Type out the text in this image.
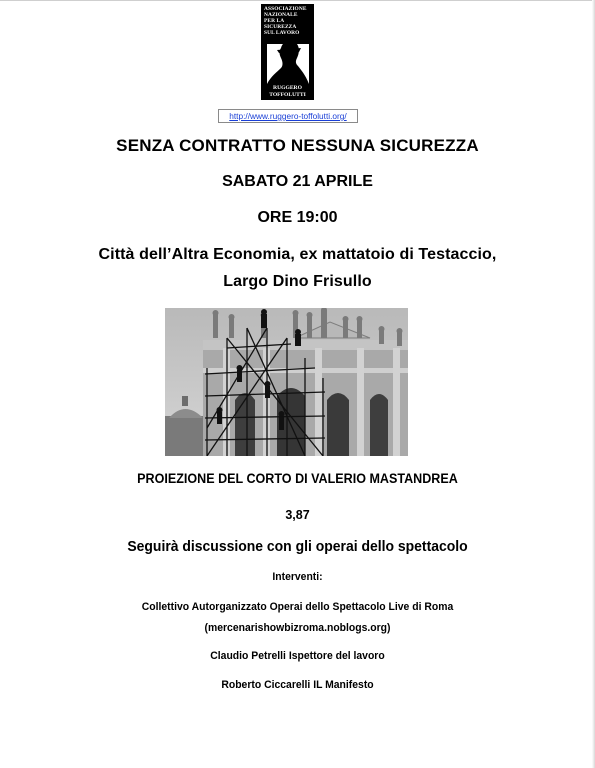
ASSOCIAZIONE
NAZIONALE
PER LA
SICUREZZA
SUL LAVORO
RUGGERO
TOFFOLUTTI
http://www.ruggero-toffolutti.org/
SENZA CONTRATTO NESSUNA SICUREZZA
SABATO 21 APRILE
ORE 19:00
Città dell’Altra Economia, ex mattatoio di Testaccio,
Largo Dino Frisullo
PROIEZIONE DEL CORTO DI VALERIO MASTANDREA
3,87
Seguirà discussione con gli operai dello spettacolo
Interventi:
Collettivo Autorganizzato Operai dello Spettacolo Live di Roma
(mercenarishowbizroma.noblogs.org)
Claudio Petrelli Ispettore del lavoro
Roberto Ciccarelli IL Manifesto
